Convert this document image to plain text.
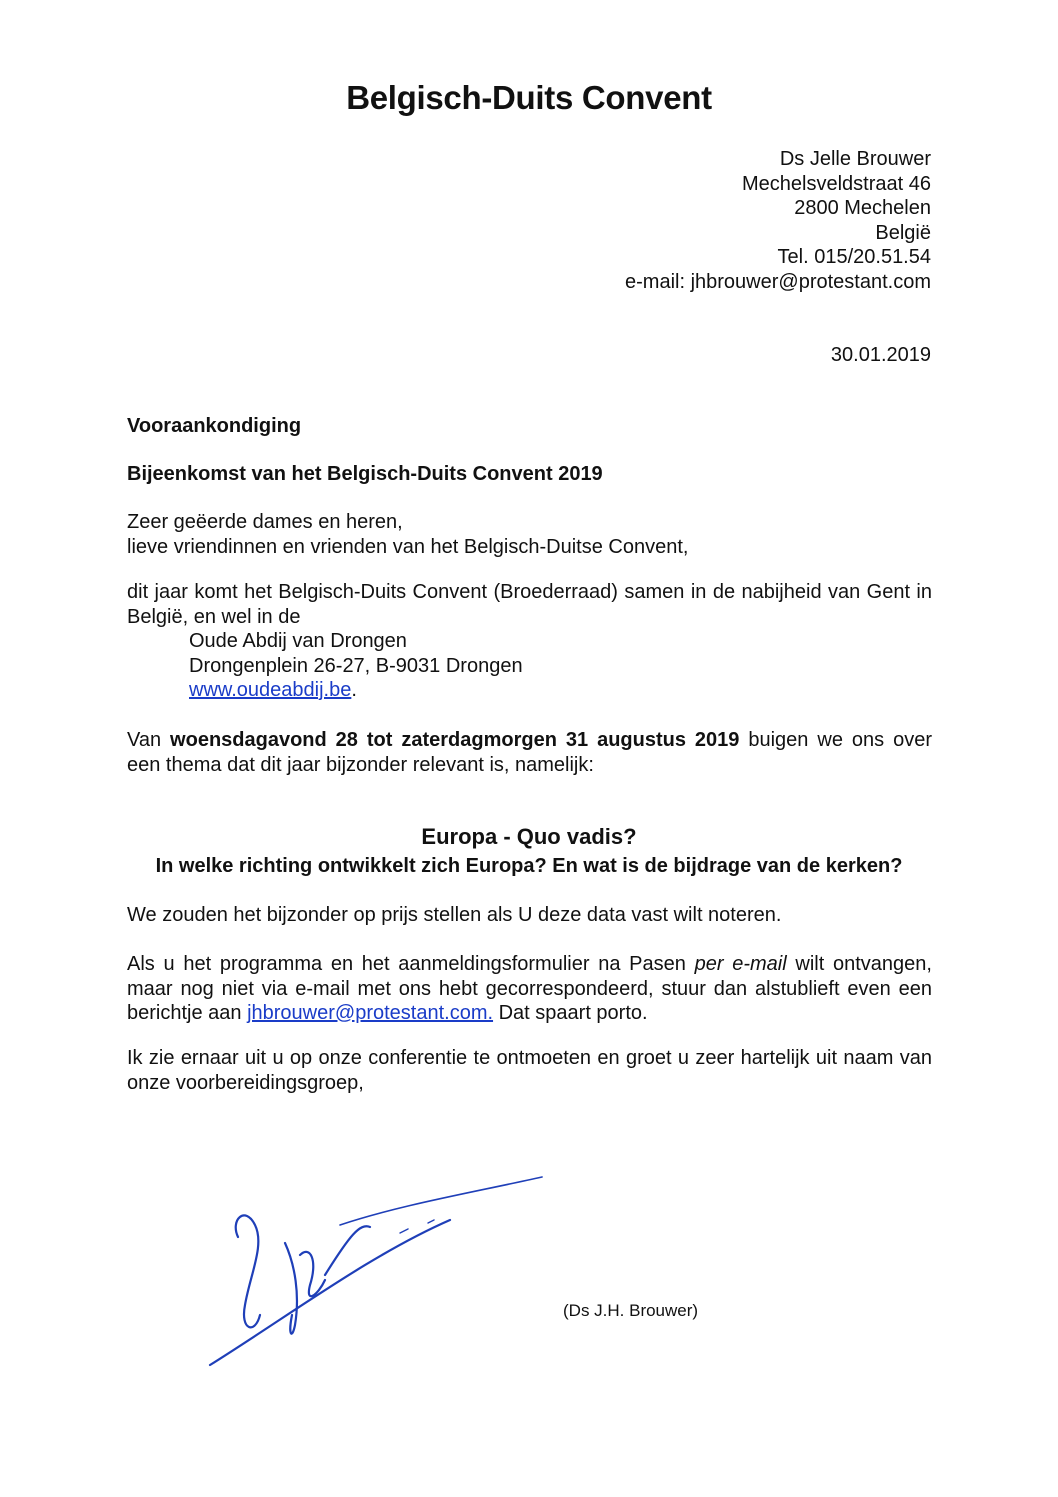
Belgisch-Duits Convent
Ds Jelle Brouwer
Mechelsveldstraat 46
2800 Mechelen
België
Tel. 015/20.51.54
e-mail: jhbrouwer@protestant.com
30.01.2019
Vooraankondiging
Bijeenkomst van het Belgisch-Duits Convent 2019
Zeer geëerde dames en heren,
lieve vriendinnen en vrienden van het Belgisch-Duitse Convent,
dit jaar komt het Belgisch-Duits Convent (Broederraad) samen in de nabijheid van Gent in België, en wel in de
Oude Abdij van Drongen
Drongenplein 26-27, B-9031 Drongen
www.oudeabdij.be.
Van woensdagavond 28 tot zaterdagmorgen 31 augustus 2019 buigen we ons over een thema dat dit jaar bijzonder relevant is, namelijk:
Europa - Quo vadis?
In welke richting ontwikkelt zich Europa? En wat is de bijdrage van de kerken?
We zouden het bijzonder op prijs stellen als U deze data vast wilt noteren.
Als u het programma en het aanmeldingsformulier na Pasen per e-mail wilt ontvangen, maar nog niet via e-mail met ons hebt gecorrespondeerd, stuur dan alstublieft even een berichtje aan jhbrouwer@protestant.com. Dat spaart porto.
Ik zie ernaar uit u op onze conferentie te ontmoeten en groet u zeer hartelijk uit naam van onze voorbereidingsgroep,
(Ds J.H. Brouwer)
